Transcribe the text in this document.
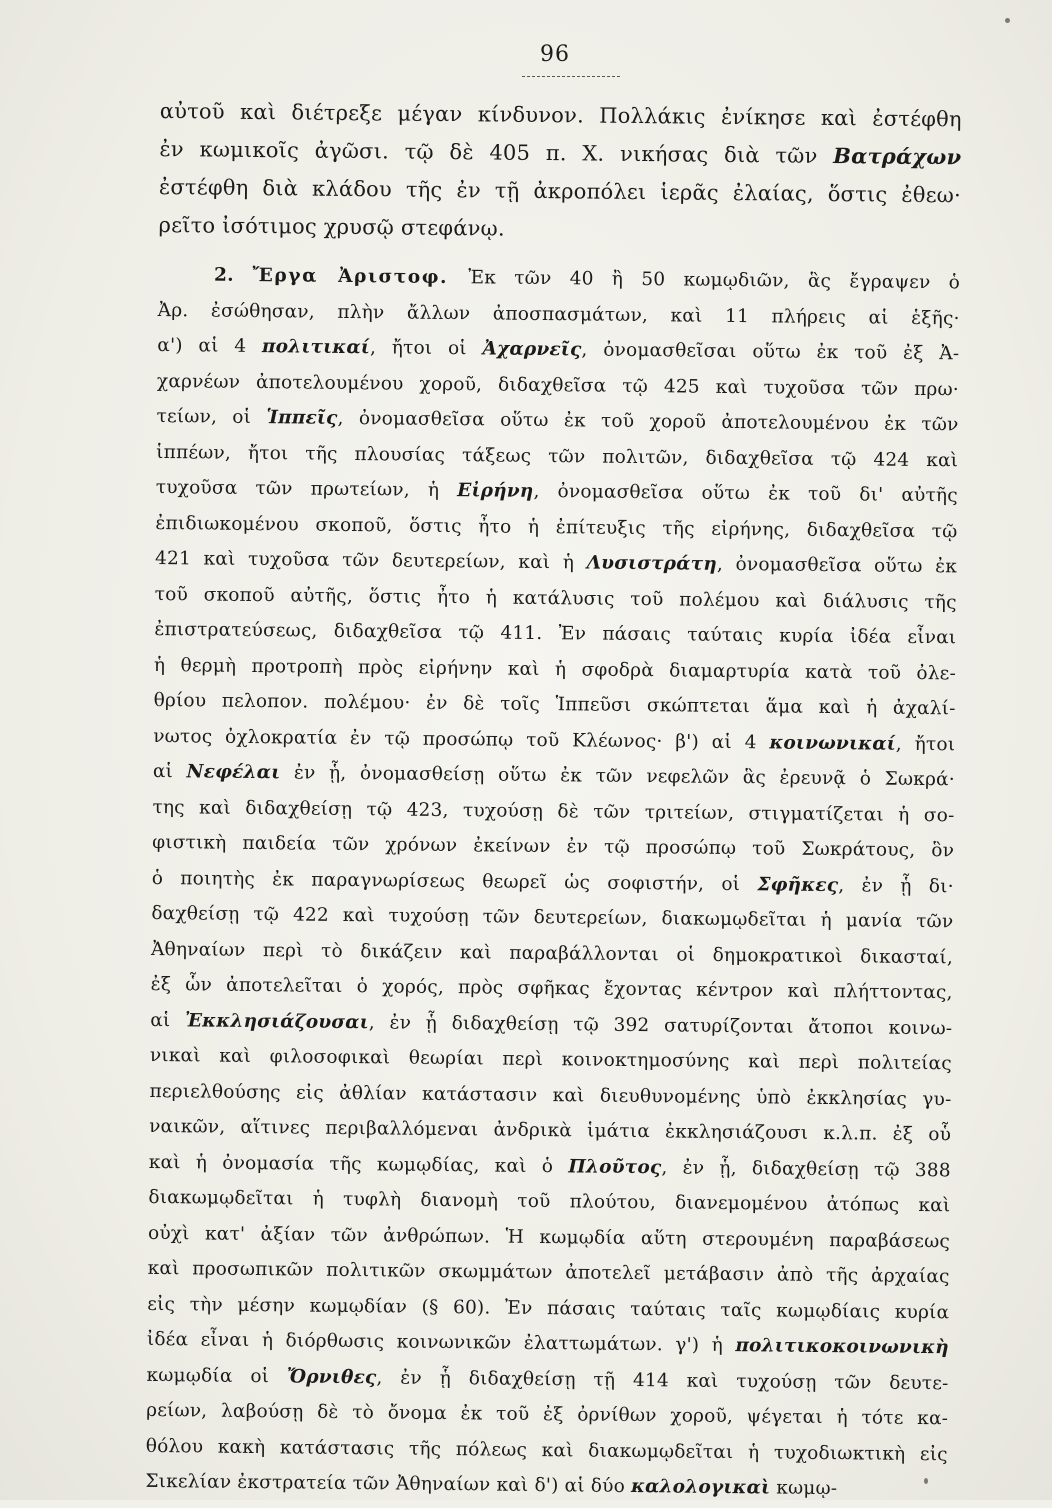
96

αὐτοῦ καὶ διέτρεξε μέγαν κίνδυνον. Πολλάκις ἐνίκησε καὶ ἐστέφθη
ἐν κωμικοῖς ἀγῶσι. τῷ δὲ 405 π. Χ. νικήσας διὰ τῶν Βατράχων
ἐστέφθη διὰ κλάδου τῆς ἐν τῇ ἀκροπόλει ἱερᾶς ἐλαίας, ὅστις ἐθεω·
ρεῖτο ἰσότιμος χρυσῷ στεφάνῳ.

2. Ἔργα Ἀριστοφ. Ἐκ τῶν 40 ἢ 50 κωμῳδιῶν, ἃς ἔγραψεν ὁ
Ἀρ. ἐσώθησαν, πλὴν ἄλλων ἀποσπασμάτων, καὶ 11 πλήρεις αἱ ἑξῆς·
α') αἱ 4 πολιτικαί, ἤτοι οἱ Ἀχαρνεῖς, ὀνομασθεῖσαι οὕτω ἐκ τοῦ ἐξ Ἀ-
χαρνέων ἀποτελουμένου χοροῦ, διδαχθεῖσα τῷ 425 καὶ τυχοῦσα τῶν πρω·
τείων, οἱ Ἱππεῖς, ὀνομασθεῖσα οὕτω ἐκ τοῦ χοροῦ ἀποτελουμένου ἐκ τῶν
ἱππέων, ἤτοι τῆς πλουσίας τάξεως τῶν πολιτῶν, διδαχθεῖσα τῷ 424 καὶ
τυχοῦσα τῶν πρωτείων, ἡ Εἰρήνη, ὀνομασθεῖσα οὕτω ἐκ τοῦ δι' αὐτῆς
ἐπιδιωκομένου σκοποῦ, ὅστις ἦτο ἡ ἐπίτευξις τῆς εἰρήνης, διδαχθεῖσα τῷ
421 καὶ τυχοῦσα τῶν δευτερείων, καὶ ἡ Λυσιστράτη, ὀνομασθεῖσα οὕτω ἐκ
τοῦ σκοποῦ αὐτῆς, ὅστις ἦτο ἡ κατάλυσις τοῦ πολέμου καὶ διάλυσις τῆς
ἐπιστρατεύσεως, διδαχθεῖσα τῷ 411. Ἐν πάσαις ταύταις κυρία ἰδέα εἶναι
ἡ θερμὴ προτροπὴ πρὸς εἰρήνην καὶ ἡ σφοδρὰ διαμαρτυρία κατὰ τοῦ ὀλε-
θρίου πελοπον. πολέμου· ἐν δὲ τοῖς Ἱππεῦσι σκώπτεται ἅμα καὶ ἡ ἀχαλί-
νωτος ὀχλοκρατία ἐν τῷ προσώπῳ τοῦ Κλέωνος· β') αἱ 4 κοινωνικαί, ἤτοι
αἱ Νεφέλαι ἐν ᾗ, ὀνομασθείσῃ οὕτω ἐκ τῶν νεφελῶν ἃς ἐρευνᾷ ὁ Σωκρά·
της καὶ διδαχθείσῃ τῷ 423, τυχούσῃ δὲ τῶν τριτείων, στιγματίζεται ἡ σο-
φιστικὴ παιδεία τῶν χρόνων ἐκείνων ἐν τῷ προσώπῳ τοῦ Σωκράτους, ὃν
ὁ ποιητὴς ἐκ παραγνωρίσεως θεωρεῖ ὡς σοφιστήν, οἱ Σφῆκες, ἐν ᾗ δι·
δαχθείσῃ τῷ 422 καὶ τυχούσῃ τῶν δευτερείων, διακωμῳδεῖται ἡ μανία τῶν
Ἀθηναίων περὶ τὸ δικάζειν καὶ παραβάλλονται οἱ δημοκρατικοὶ δικασταί,
ἐξ ὧν ἀποτελεῖται ὁ χορός, πρὸς σφῆκας ἔχοντας κέντρον καὶ πλήττοντας,
αἱ Ἐκκλησιάζουσαι, ἐν ᾗ διδαχθείσῃ τῷ 392 σατυρίζονται ἄτοποι κοινω-
νικαὶ καὶ φιλοσοφικαὶ θεωρίαι περὶ κοινοκτημοσύνης καὶ περὶ πολιτείας
περιελθούσης εἰς ἀθλίαν κατάστασιν καὶ διευθυνομένης ὑπὸ ἐκκλησίας γυ-
ναικῶν, αἵτινες περιβαλλόμεναι ἀνδρικὰ ἱμάτια ἐκκλησιάζουσι κ.λ.π. ἐξ οὗ
καὶ ἡ ὀνομασία τῆς κωμῳδίας, καὶ ὁ Πλοῦτος, ἐν ᾗ, διδαχθείσῃ τῷ 388
διακωμῳδεῖται ἡ τυφλὴ διανομὴ τοῦ πλούτου, διανεμομένου ἀτόπως καὶ
οὐχὶ κατ' ἀξίαν τῶν ἀνθρώπων. Ἡ κωμῳδία αὕτη στερουμένη παραβάσεως
καὶ προσωπικῶν πολιτικῶν σκωμμάτων ἀποτελεῖ μετάβασιν ἀπὸ τῆς ἀρχαίας
εἰς τὴν μέσην κωμῳδίαν (§ 60). Ἐν πάσαις ταύταις ταῖς κωμῳδίαις κυρία
ἰδέα εἶναι ἡ διόρθωσις κοινωνικῶν ἐλαττωμάτων. γ') ἡ πολιτικοκοινωνικὴ
κωμῳδία οἱ Ὄρνιθες, ἐν ᾗ διδαχθείσῃ τῇ 414 καὶ τυχούσῃ τῶν δευτε-
ρείων, λαβούσῃ δὲ τὸ ὄνομα ἐκ τοῦ ἐξ ὀρνίθων χοροῦ, ψέγεται ἡ τότε κα-
θόλου κακὴ κατάστασις τῆς πόλεως καὶ διακωμῳδεῖται ἡ τυχοδιωκτικὴ εἰς
Σικελίαν ἐκστρατεία τῶν Ἀθηναίων καὶ δ') αἱ δύο καλολογικαὶ κωμῳ-
